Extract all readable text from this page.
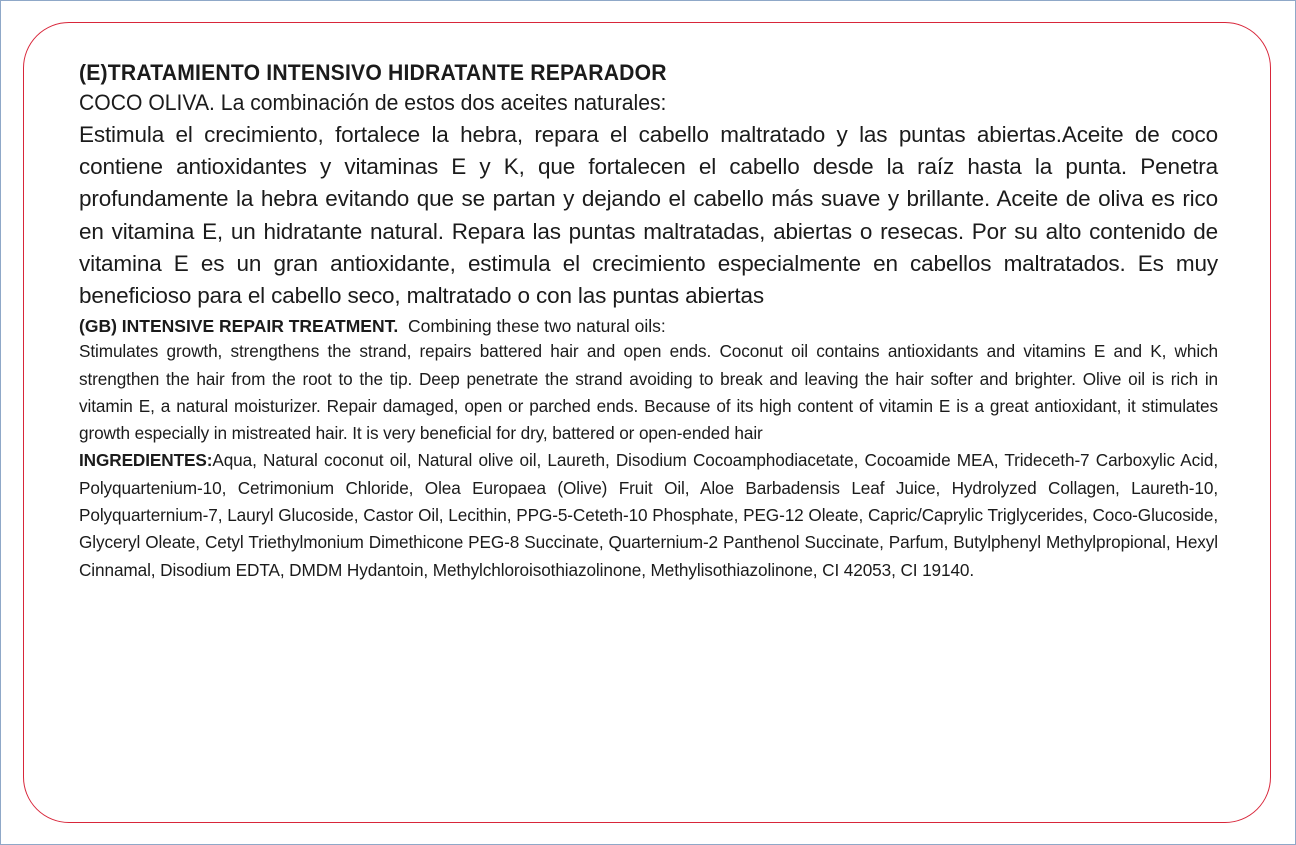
(E)TRATAMIENTO INTENSIVO HIDRATANTE REPARADOR

COCO OLIVA. La combinación de estos dos aceites naturales:

Estimula el crecimiento, fortalece la hebra, repara el cabello maltratado y las puntas abiertas.Aceite de coco contiene antioxidantes y vitaminas E y K, que fortalecen el cabello desde la raíz hasta la punta. Penetra profundamente la hebra evitando que se partan y dejando el cabello más suave y brillante. Aceite de oliva es rico en vitamina E, un hidratante natural. Repara las puntas maltratadas, abiertas o resecas. Por su alto contenido de vitamina E es un gran antioxidante, estimula el crecimiento especialmente en cabellos maltratados. Es muy beneficioso para el cabello seco, maltratado o con las puntas abiertas

(GB) INTENSIVE REPAIR TREATMENT. Combining these two natural oils:

Stimulates growth, strengthens the strand, repairs battered hair and open ends. Coconut oil contains antioxidants and vitamins E and K, which strengthen the hair from the root to the tip. Deep penetrate the strand avoiding to break and leaving the hair softer and brighter. Olive oil is rich in vitamin E, a natural moisturizer. Repair damaged, open or parched ends. Because of its high content of vitamin E is a great antioxidant, it stimulates growth especially in mistreated hair. It is very beneficial for dry, battered or open-ended hair

INGREDIENTES:Aqua, Natural coconut oil, Natural olive oil, Laureth, Disodium Cocoamphodiacetate, Cocoamide MEA, Trideceth-7 Carboxylic Acid, Polyquartenium-10, Cetrimonium Chloride, Olea Europaea (Olive) Fruit Oil, Aloe Barbadensis Leaf Juice, Hydrolyzed Collagen, Laureth-10, Polyquarternium-7, Lauryl Glucoside, Castor Oil, Lecithin, PPG-5-Ceteth-10 Phosphate, PEG-12 Oleate, Capric/Caprylic Triglycerides, Coco-Glucoside, Glyceryl Oleate, Cetyl Triethylmonium Dimethicone PEG-8 Succinate, Quarternium-2 Panthenol Succinate, Parfum, Butylphenyl Methylpropional, Hexyl Cinnamal, Disodium EDTA, DMDM Hydantoin, Methylchloroisothiazolinone, Methylisothiazolinone, CI 42053, CI 19140.
